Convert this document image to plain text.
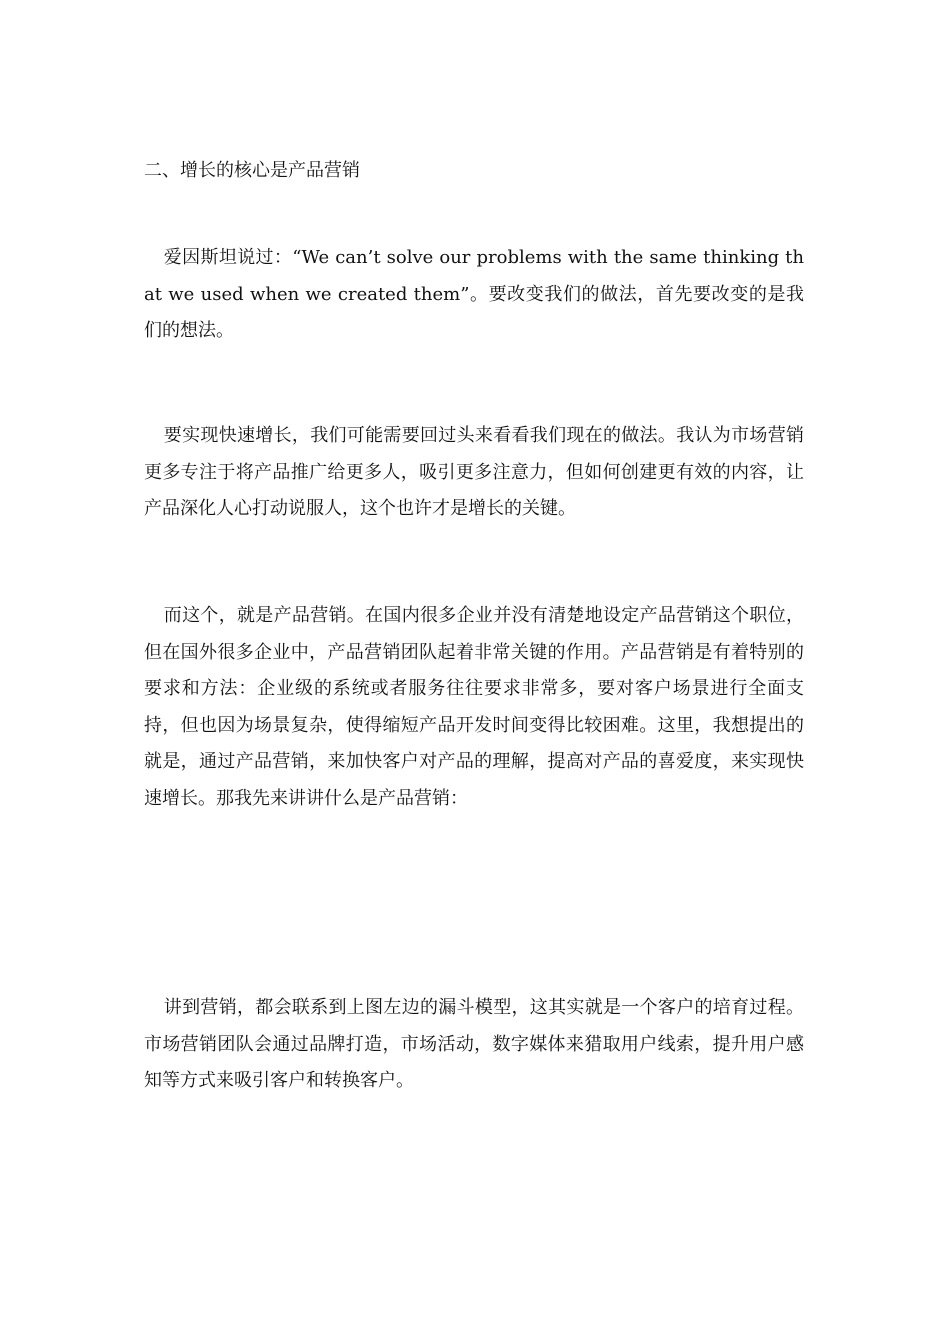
二、增长的核心是产品营销

爱因斯坦说过：“We can’t solve our problems with the same thinking that we used when we created them”。要改变我们的做法，首先要改变的是我们的想法。

要实现快速增长，我们可能需要回过头来看看我们现在的做法。我认为市场营销更多专注于将产品推广给更多人，吸引更多注意力，但如何创建更有效的内容，让产品深化人心打动说服人，这个也许才是增长的关键。

而这个，就是产品营销。在国内很多企业并没有清楚地设定产品营销这个职位，但在国外很多企业中，产品营销团队起着非常关键的作用。产品营销是有着特别的要求和方法：企业级的系统或者服务往往要求非常多，要对客户场景进行全面支持，但也因为场景复杂，使得缩短产品开发时间变得比较困难。这里，我想提出的就是，通过产品营销，来加快客户对产品的理解，提高对产品的喜爱度，来实现快速增长。那我先来讲讲什么是产品营销：

讲到营销，都会联系到上图左边的漏斗模型，这其实就是一个客户的培育过程。市场营销团队会通过品牌打造，市场活动，数字媒体来猎取用户线索，提升用户感知等方式来吸引客户和转换客户。
